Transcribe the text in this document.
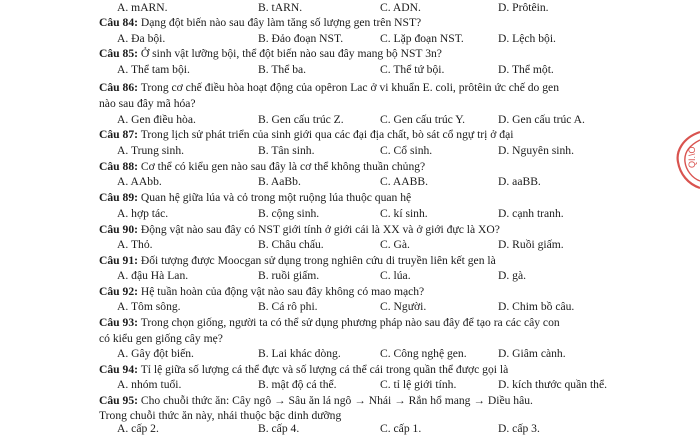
A. mARN.	B. tARN.	C. ADN.	D. Prôtêin.
Câu 84: Dạng đột biến nào sau đây làm tăng số lượng gen trên NST?
A. Đa bội.	B. Đảo đoạn NST.	C. Lặp đoạn NST.	D. Lệch bội.
Câu 85: Ở sinh vật lưỡng bội, thể đột biến nào sau đây mang bộ NST 3n?
A. Thể tam bội.	B. Thể ba.	C. Thể tứ bội.	D. Thể một.
Câu 86: Trong cơ chế điều hòa hoạt động của opêron Lac ở vi khuẩn E. coli, prôtêin ức chế do gen
nào sau đây mã hóa?
A. Gen điều hòa.	B. Gen cấu trúc Z.	C. Gen cấu trúc Y.	D. Gen cấu trúc A.
Câu 87: Trong lịch sử phát triển của sinh giới qua các đại địa chất, bò sát cổ ngự trị ở đại
A. Trung sinh.	B. Tân sinh.	C. Cổ sinh.	D. Nguyên sinh.
Câu 88: Cơ thể có kiểu gen nào sau đây là cơ thể không thuần chủng?
A. AAbb.	B. AaBb.	C. AABB.	D. aaBB.
Câu 89: Quan hệ giữa lúa và cỏ trong một ruộng lúa thuộc quan hệ
A. hợp tác.	B. cộng sinh.	C. kí sinh.	D. cạnh tranh.
Câu 90: Động vật nào sau đây có NST giới tính ở giới cái là XX và ở giới đực là XO?
A. Thỏ.	B. Châu chấu.	C. Gà.	D. Ruồi giấm.
Câu 91: Đối tượng được Moocgan sử dụng trong nghiên cứu di truyền liên kết gen là
A. đậu Hà Lan.	B. ruồi giấm.	C. lúa.	D. gà.
Câu 92: Hệ tuần hoàn của động vật nào sau đây không có mao mạch?
A. Tôm sông.	B. Cá rô phi.	C. Người.	D. Chim bồ câu.
Câu 93: Trong chọn giống, người ta có thể sử dụng phương pháp nào sau đây để tạo ra các cây con
có kiểu gen giống cây mẹ?
A. Gây đột biến.	B. Lai khác dòng.	C. Công nghệ gen.	D. Giâm cành.
Câu 94: Tỉ lệ giữa số lượng cá thể đực và số lượng cá thể cái trong quần thể được gọi là
A. nhóm tuổi.	B. mật độ cá thể.	C. tỉ lệ giới tính.	D. kích thước quần thể.
Câu 95: Cho chuỗi thức ăn: Cây ngô → Sâu ăn lá ngô → Nhái → Rắn hổ mang → Diều hâu.
Trong chuỗi thức ăn này, nhái thuộc bậc dinh dưỡng
A. cấp 2.	B. cấp 4.	C. cấp 1.	D. cấp 3.
QI.\O
